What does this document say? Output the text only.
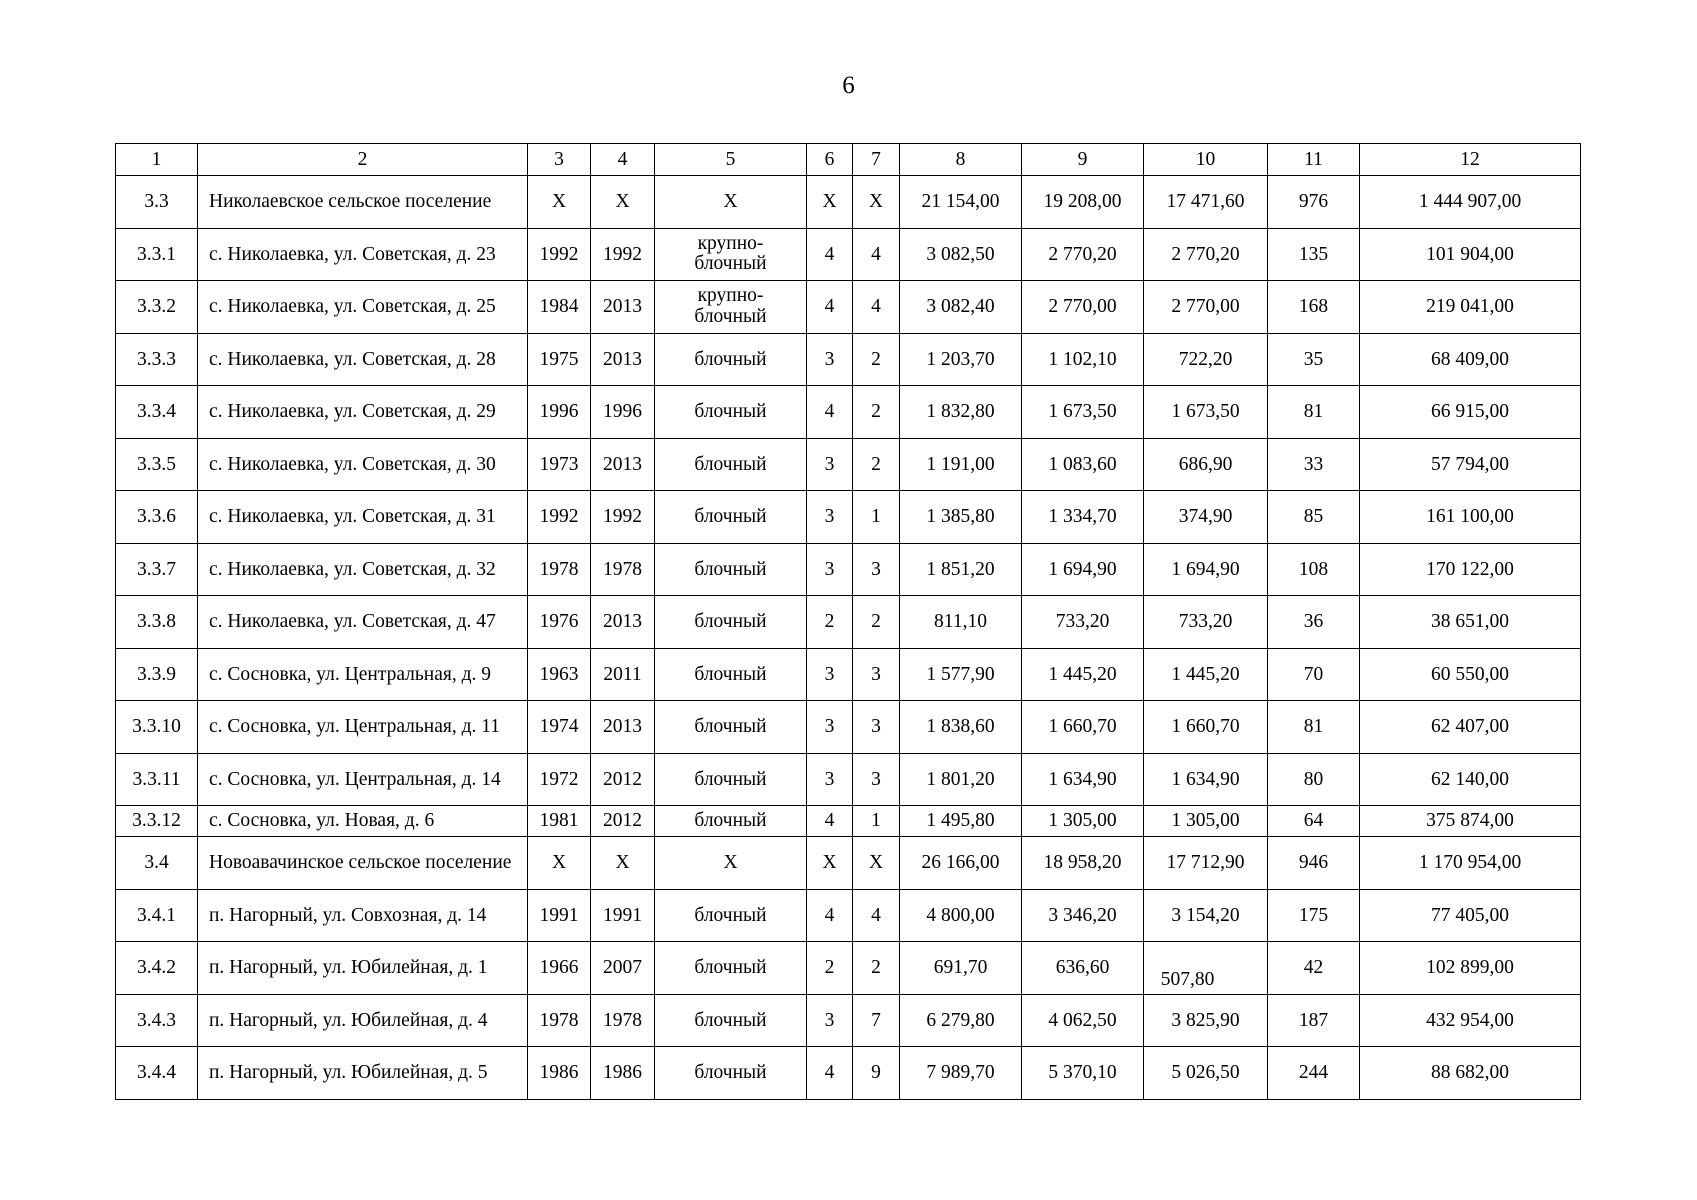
6
1	2	3	4	5	6	7	8	9	10	11	12
3.3	Николаевское сельское поселение	Х	Х	Х	Х	Х	21 154,00	19 208,00	17 471,60	976	1 444 907,00
3.3.1	с. Николаевка, ул. Советская, д. 23	1992	1992	крупно-блочный	4	4	3 082,50	2 770,20	2 770,20	135	101 904,00
3.3.2	с. Николаевка, ул. Советская, д. 25	1984	2013	крупно-блочный	4	4	3 082,40	2 770,00	2 770,00	168	219 041,00
3.3.3	с. Николаевка, ул. Советская, д. 28	1975	2013	блочный	3	2	1 203,70	1 102,10	722,20	35	68 409,00
3.3.4	с. Николаевка, ул. Советская, д. 29	1996	1996	блочный	4	2	1 832,80	1 673,50	1 673,50	81	66 915,00
3.3.5	с. Николаевка, ул. Советская, д. 30	1973	2013	блочный	3	2	1 191,00	1 083,60	686,90	33	57 794,00
3.3.6	с. Николаевка, ул. Советская, д. 31	1992	1992	блочный	3	1	1 385,80	1 334,70	374,90	85	161 100,00
3.3.7	с. Николаевка, ул. Советская, д. 32	1978	1978	блочный	3	3	1 851,20	1 694,90	1 694,90	108	170 122,00
3.3.8	с. Николаевка, ул. Советская, д. 47	1976	2013	блочный	2	2	811,10	733,20	733,20	36	38 651,00
3.3.9	с. Сосновка, ул. Центральная, д. 9	1963	2011	блочный	3	3	1 577,90	1 445,20	1 445,20	70	60 550,00
3.3.10	с. Сосновка, ул. Центральная, д. 11	1974	2013	блочный	3	3	1 838,60	1 660,70	1 660,70	81	62 407,00
3.3.11	с. Сосновка, ул. Центральная, д. 14	1972	2012	блочный	3	3	1 801,20	1 634,90	1 634,90	80	62 140,00
3.3.12	с. Сосновка, ул. Новая, д. 6	1981	2012	блочный	4	1	1 495,80	1 305,00	1 305,00	64	375 874,00
3.4	Новоавачинское сельское поселение	Х	Х	Х	Х	Х	26 166,00	18 958,20	17 712,90	946	1 170 954,00
3.4.1	п. Нагорный, ул. Совхозная, д. 14	1991	1991	блочный	4	4	4 800,00	3 346,20	3 154,20	175	77 405,00
3.4.2	п. Нагорный, ул. Юбилейная, д. 1	1966	2007	блочный	2	2	691,70	636,60	507,80	42	102 899,00
3.4.3	п. Нагорный, ул. Юбилейная, д. 4	1978	1978	блочный	3	7	6 279,80	4 062,50	3 825,90	187	432 954,00
3.4.4	п. Нагорный, ул. Юбилейная, д. 5	1986	1986	блочный	4	9	7 989,70	5 370,10	5 026,50	244	88 682,00
